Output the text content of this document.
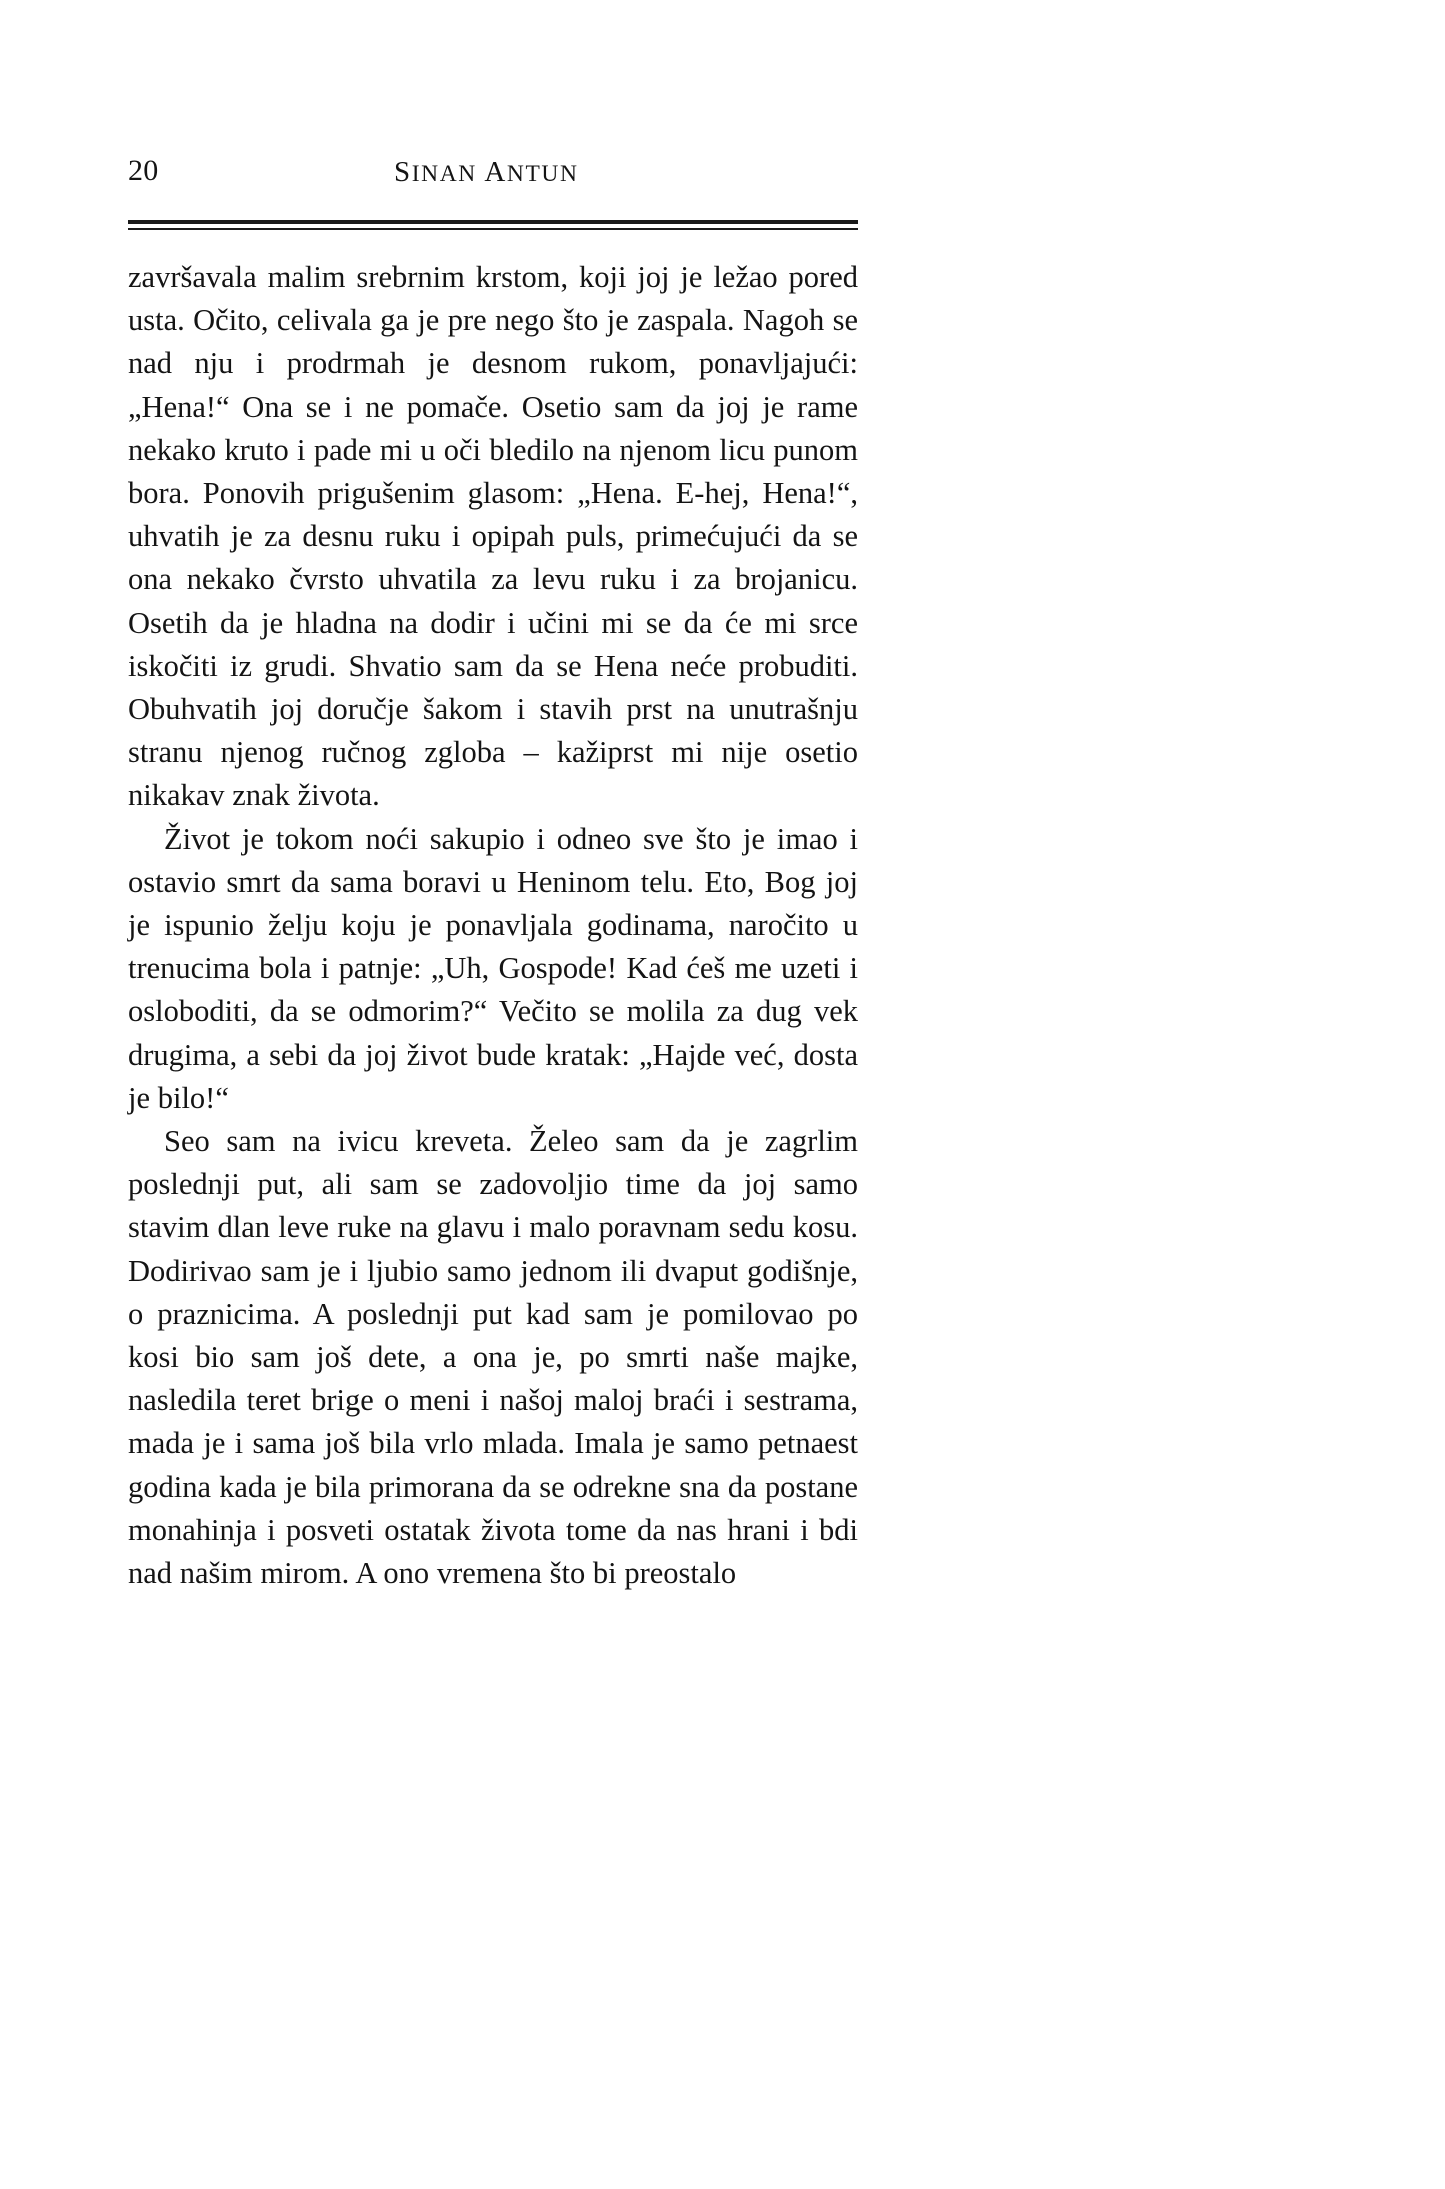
20	SINAN ANTUN

završavala malim srebrnim krstom, koji joj je ležao pored usta. Očito, celivala ga je pre nego što je zaspala. Nagoh se nad nju i prodrmah je desnom rukom, ponavljajući: „Hena!“ Ona se i ne pomače. Osetio sam da joj je rame nekako kruto i pade mi u oči bledilo na njenom licu punom bora. Ponovih prigušenim glasom: „Hena. E-hej, Hena!“, uhvatih je za desnu ruku i opipah puls, primećujući da se ona nekako čvrsto uhvatila za levu ruku i za brojanicu. Osetih da je hladna na dodir i učini mi se da će mi srce iskočiti iz grudi. Shvatio sam da se Hena neće probuditi. Obuhvatih joj doručje šakom i stavih prst na unutrašnju stranu njenog ručnog zgloba – kažiprst mi nije osetio nikakav znak života.

Život je tokom noći sakupio i odneo sve što je imao i ostavio smrt da sama boravi u Heninom telu. Eto, Bog joj je ispunio želju koju je ponavljala godinama, naročito u trenucima bola i patnje: „Uh, Gospode! Kad ćeš me uzeti i osloboditi, da se odmorim?“ Večito se molila za dug vek drugima, a sebi da joj život bude kratak: „Hajde već, dosta je bilo!“

Seo sam na ivicu kreveta. Želeo sam da je zagrlim poslednji put, ali sam se zadovoljio time da joj samo stavim dlan leve ruke na glavu i malo poravnam sedu kosu. Dodirivao sam je i ljubio samo jednom ili dvaput godišnje, o praznicima. A poslednji put kad sam je pomilovao po kosi bio sam još dete, a ona je, po smrti naše majke, nasledila teret brige o meni i našoj maloj braći i sestrama, mada je i sama još bila vrlo mlada. Imala je samo petnaest godina kada je bila primorana da se odrekne sna da postane monahinja i posveti ostatak života tome da nas hrani i bdi nad našim mirom. A ono vremena što bi preostalo
